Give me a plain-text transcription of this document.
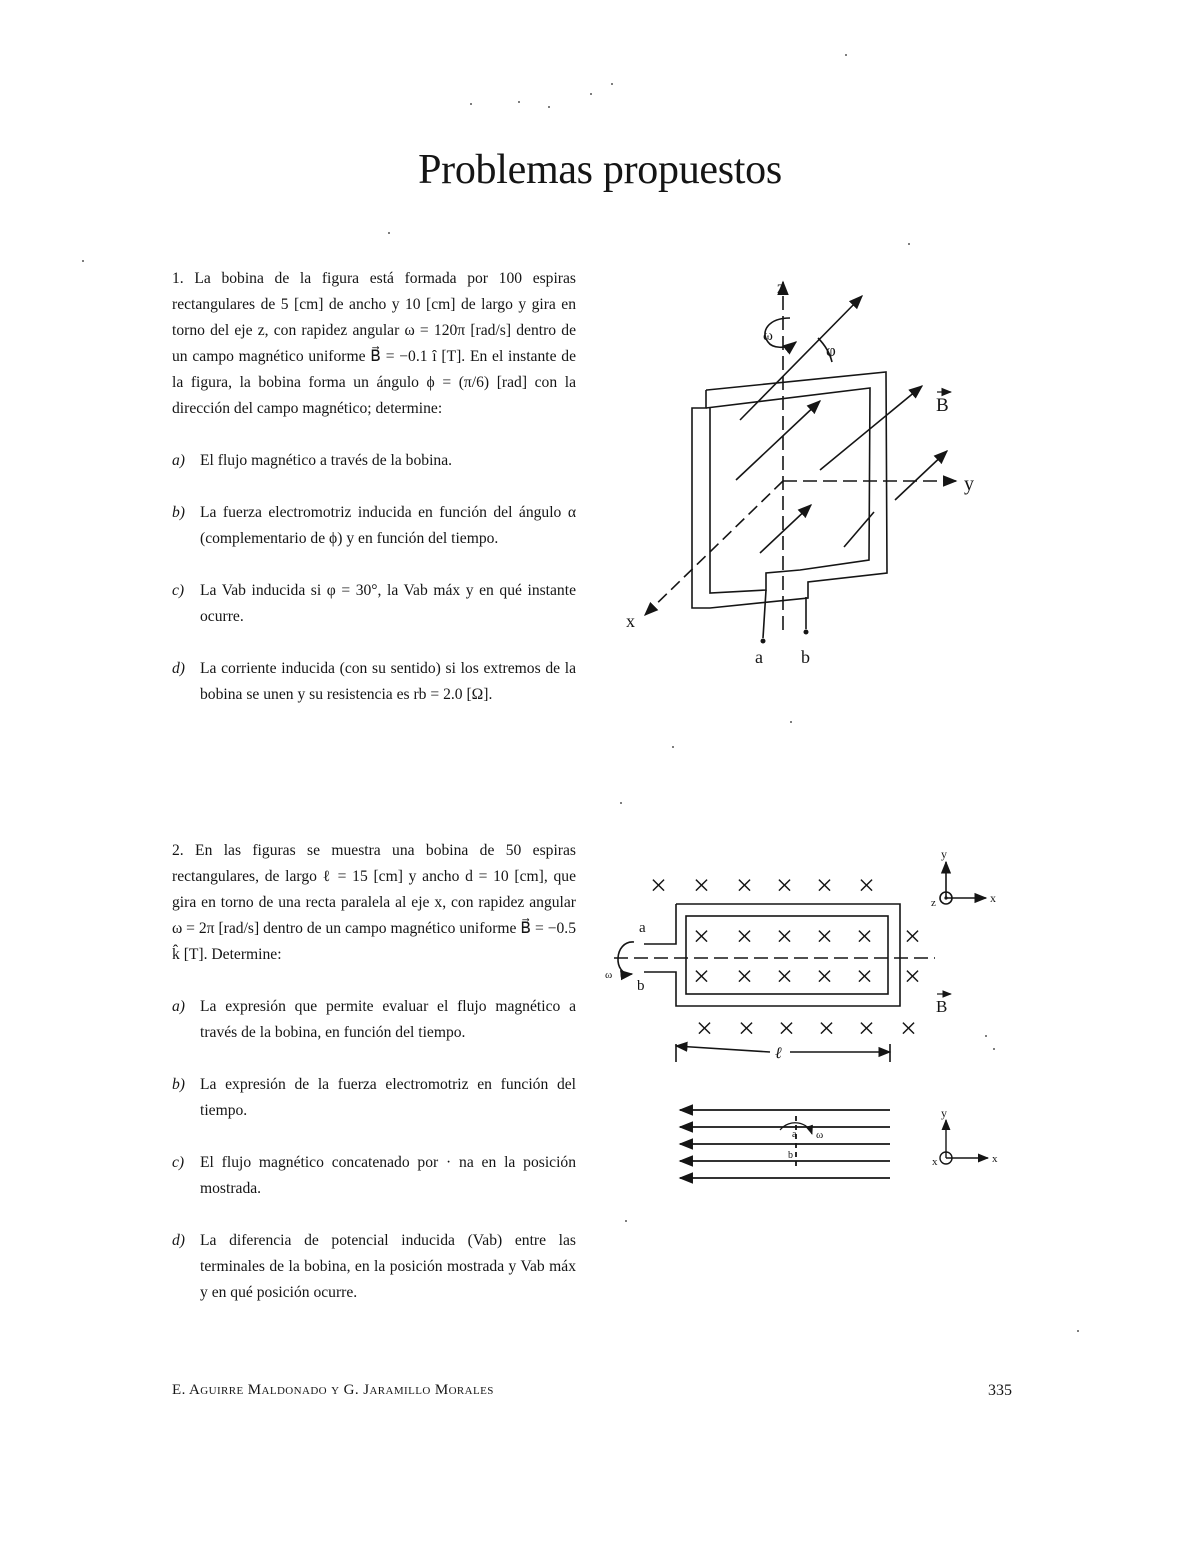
Problemas propuestos

1. La bobina de la figura está formada por 100 espiras rectangulares de 5 [cm] de ancho y 10 [cm] de largo y gira en torno del eje z, con rapidez angular ω = 120π [rad/s] dentro de un campo magnético uniforme B⃗ = −0.1 î [T]. En el instante de la figura, la bobina forma un ángulo ϕ = (π/6) [rad] con la dirección del campo magnético; determine:

a) El flujo magnético a través de la bobina.
b) La fuerza electromotriz inducida en función del ángulo α (complementario de ϕ) y en función del tiempo.
c)	La Vab inducida si φ = 30°, la Vab máx y en qué instante ocurre.
d) La corriente inducida (con su sentido) si los extremos de la bobina se unen y su resistencia es rb = 2.0 [Ω].

2. En las figuras se muestra una bobina de 50 espiras rectangulares, de largo ℓ = 15 [cm] y ancho d = 10 [cm], que gira en torno de una recta paralela al eje x, con rapidez angular ω = 2π [rad/s] dentro de un campo magnético uniforme B⃗ = −0.5 k̂ [T]. Determine:

a) La expresión que permite evaluar el flujo magnético a través de la bobina, en función del tiempo.
b) La expresión de la fuerza electromotriz en función del tiempo.
c)	El flujo magnético concatenado por · na en la posición mostrada.
d) La diferencia de potencial inducida (Vab) entre las terminales de la bobina, en la posición mostrada y Vab máx y en qué posición ocurre.
z
ω
φ
B
y
x
a b
× × × × × ×
× × × × × ×
× × × × × ×
× × × × × ×
a
b
ω
B
ℓ
y
x
z
a
b
ω
y
x
x
E. Aguirre Maldonado y G. Jaramillo Morales	335
